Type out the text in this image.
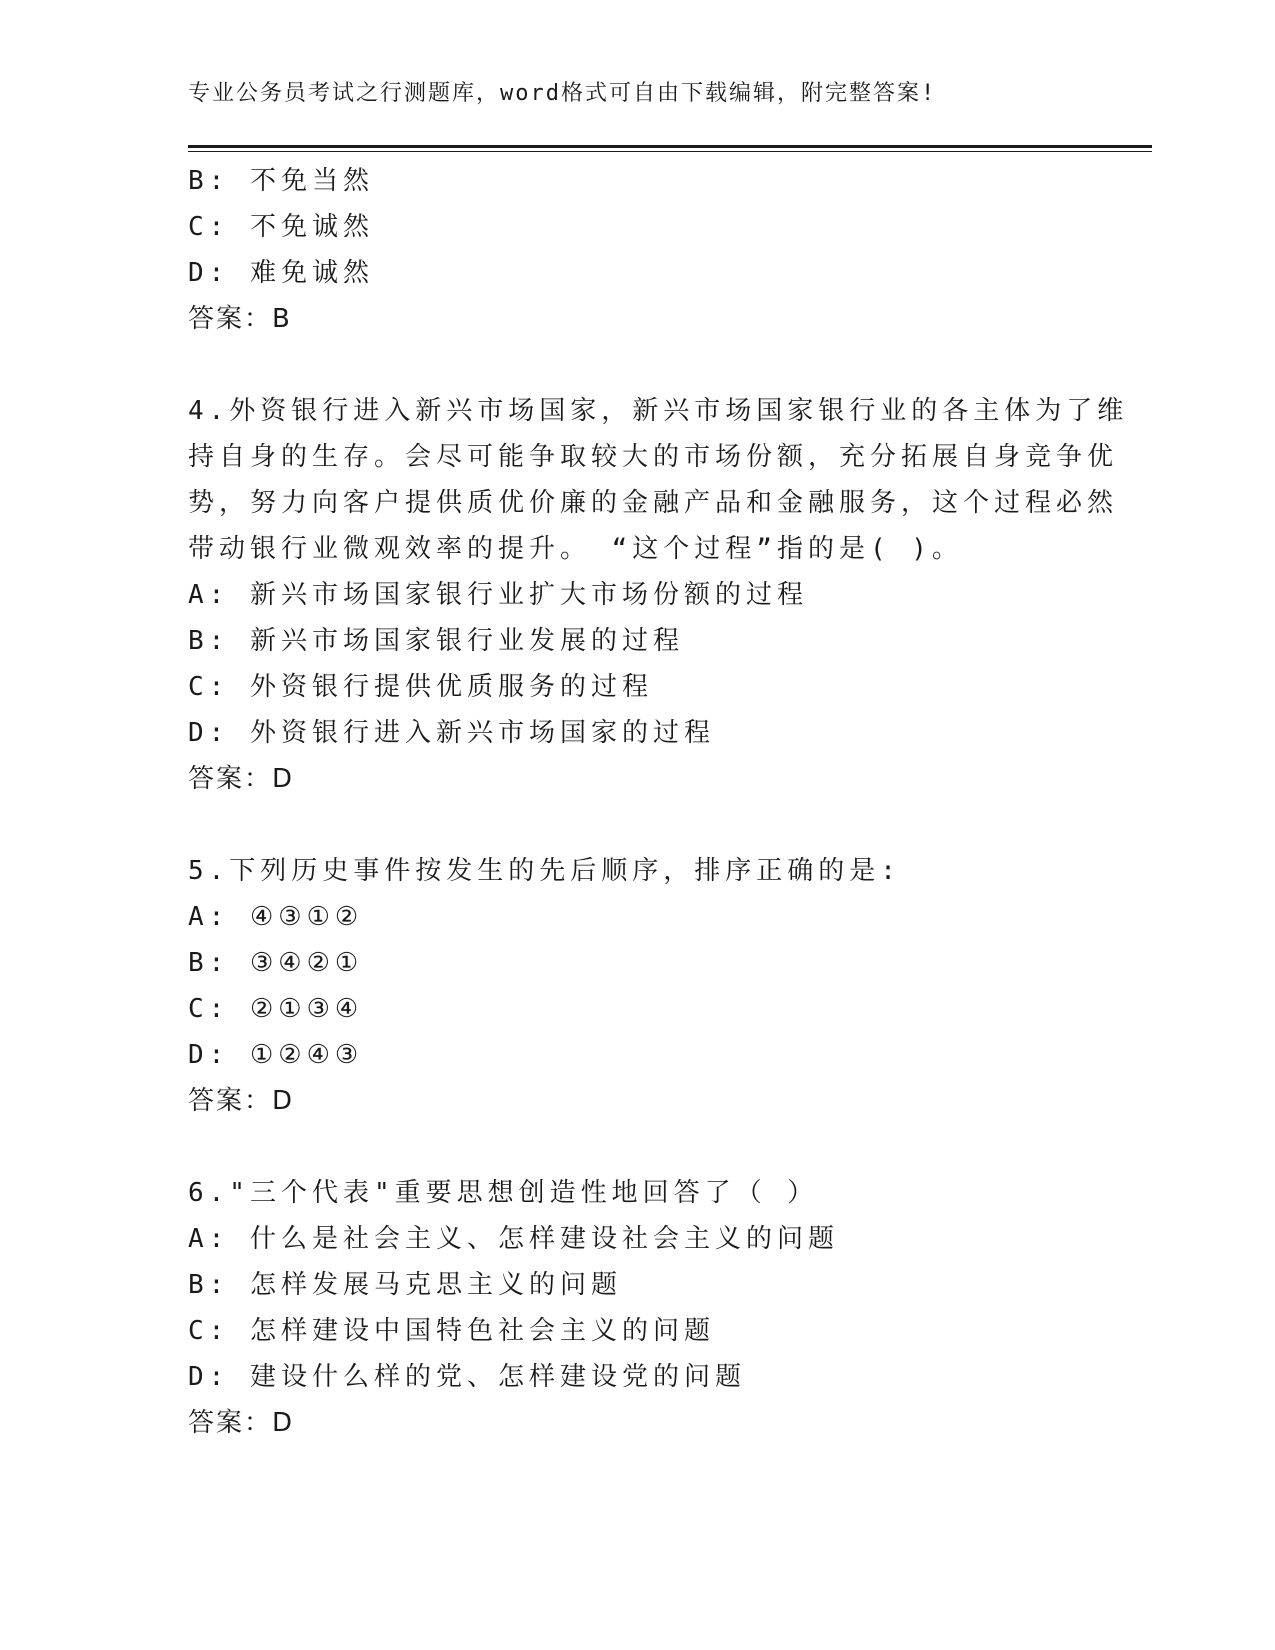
专业公务员考试之行测题库，word格式可自由下载编辑，附完整答案!
B: 不免当然
C: 不免诚然
D: 难免诚然
答案：B
4.外资银行进入新兴市场国家，新兴市场国家银行业的各主体为了维
持自身的生存。会尽可能争取较大的市场份额，充分拓展自身竞争优
势，努力向客户提供质优价廉的金融产品和金融服务，这个过程必然
带动银行业微观效率的提升。 “这个过程”指的是( )。
A: 新兴市场国家银行业扩大市场份额的过程
B: 新兴市场国家银行业发展的过程
C: 外资银行提供优质服务的过程
D: 外资银行进入新兴市场国家的过程
答案：D
5.下列历史事件按发生的先后顺序，排序正确的是:
A: ④③①②
B: ③④②①
C: ②①③④
D: ①②④③
答案：D
6."三个代表"重要思想创造性地回答了（ ）
A: 什么是社会主义、怎样建设社会主义的问题
B: 怎样发展马克思主义的问题
C: 怎样建设中国特色社会主义的问题
D: 建设什么样的党、怎样建设党的问题
答案：D
